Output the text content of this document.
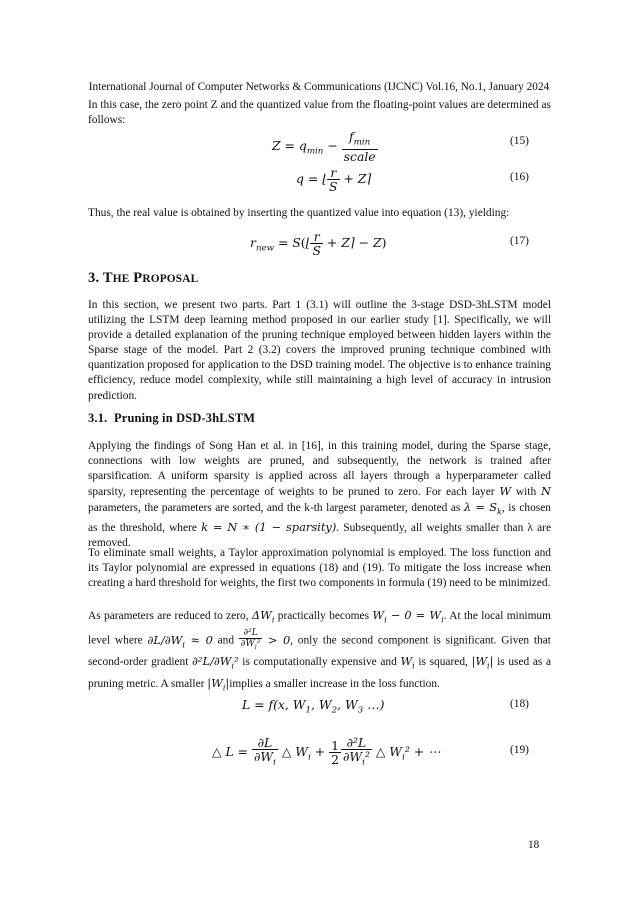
International Journal of Computer Networks & Communications (IJCNC) Vol.16, No.1, January 2024

In this case, the zero point Z and the quantized value from the floating-point values are determined as follows:

$Z = q_{min} - \frac{f_{min}}{\text{scale}}$	(15)
q = ⌊ $\frac{r}{S}$ + Z⌉	(16)

Thus, the real value is obtained by inserting the quantized value into equation (13), yielding:

$r_{new}$ = S(⌊ $\frac{r}{S}$ + Z⌉ − Z)	(17)
3. THE PROPOSAL

In this section, we present two parts. Part 1 (3.1) will outline the 3-stage DSD-3hLSTM model utilizing the LSTM deep learning method proposed in our earlier study [1]. Specifically, we will provide a detailed explanation of the pruning technique employed between hidden layers within the Sparse stage of the model. Part 2 (3.2) covers the improved pruning technique combined with quantization proposed for application to the DSD training model. The objective is to enhance training efficiency, reduce model complexity, while still maintaining a high level of accuracy in intrusion prediction.

3.1.  Pruning in DSD-3hLSTM

Applying the findings of Song Han et al. in [16], in this training model, during the Sparse stage, connections with low weights are pruned, and subsequently, the network is trained after sparsification. A uniform sparsity is applied across all layers through a hyperparameter called sparsity, representing the percentage of weights to be pruned to zero. For each layer W with N parameters, the parameters are sorted, and the k-th largest parameter, denoted as $\lambda = S_k$, is chosen as the threshold, where k = N ∗ (1 − sparsity). Subsequently, all weights smaller than λ are removed.

To eliminate small weights, a Taylor approximation polynomial is employed. The loss function and its Taylor polynomial are expressed in equations (18) and (19). To mitigate the loss increase when creating a hard threshold for weights, the first two components in formula (19) need to be minimized.

As parameters are reduced to zero, $\Delta W_i$ practically becomes $W_i - 0 = W_i$. At the local minimum level where $\partial L/\partial W_i \approx 0$ and $\frac{\text{∂²L}}{\partial W_i^2} > 0$, only the second component is significant. Given that second-order gradient $\partial^2L/\partial W_i^2$ is computationally expensive and $W_i$ is squared, $|W_i|$ is used as a pruning metric. A smaller $|W_i|implies$ a smaller increase in the loss function.

L = f(x, $W_1$, $W_2$, $W_3$ …)	(18)
△ $L = \frac{\partial L}{\partial W_i}$ △ $W_i + \frac{1}{2} \frac{\text{∂²L}}{\partial W_i^2}$ △ $W_i^2$ + ⋯	(19)
18
